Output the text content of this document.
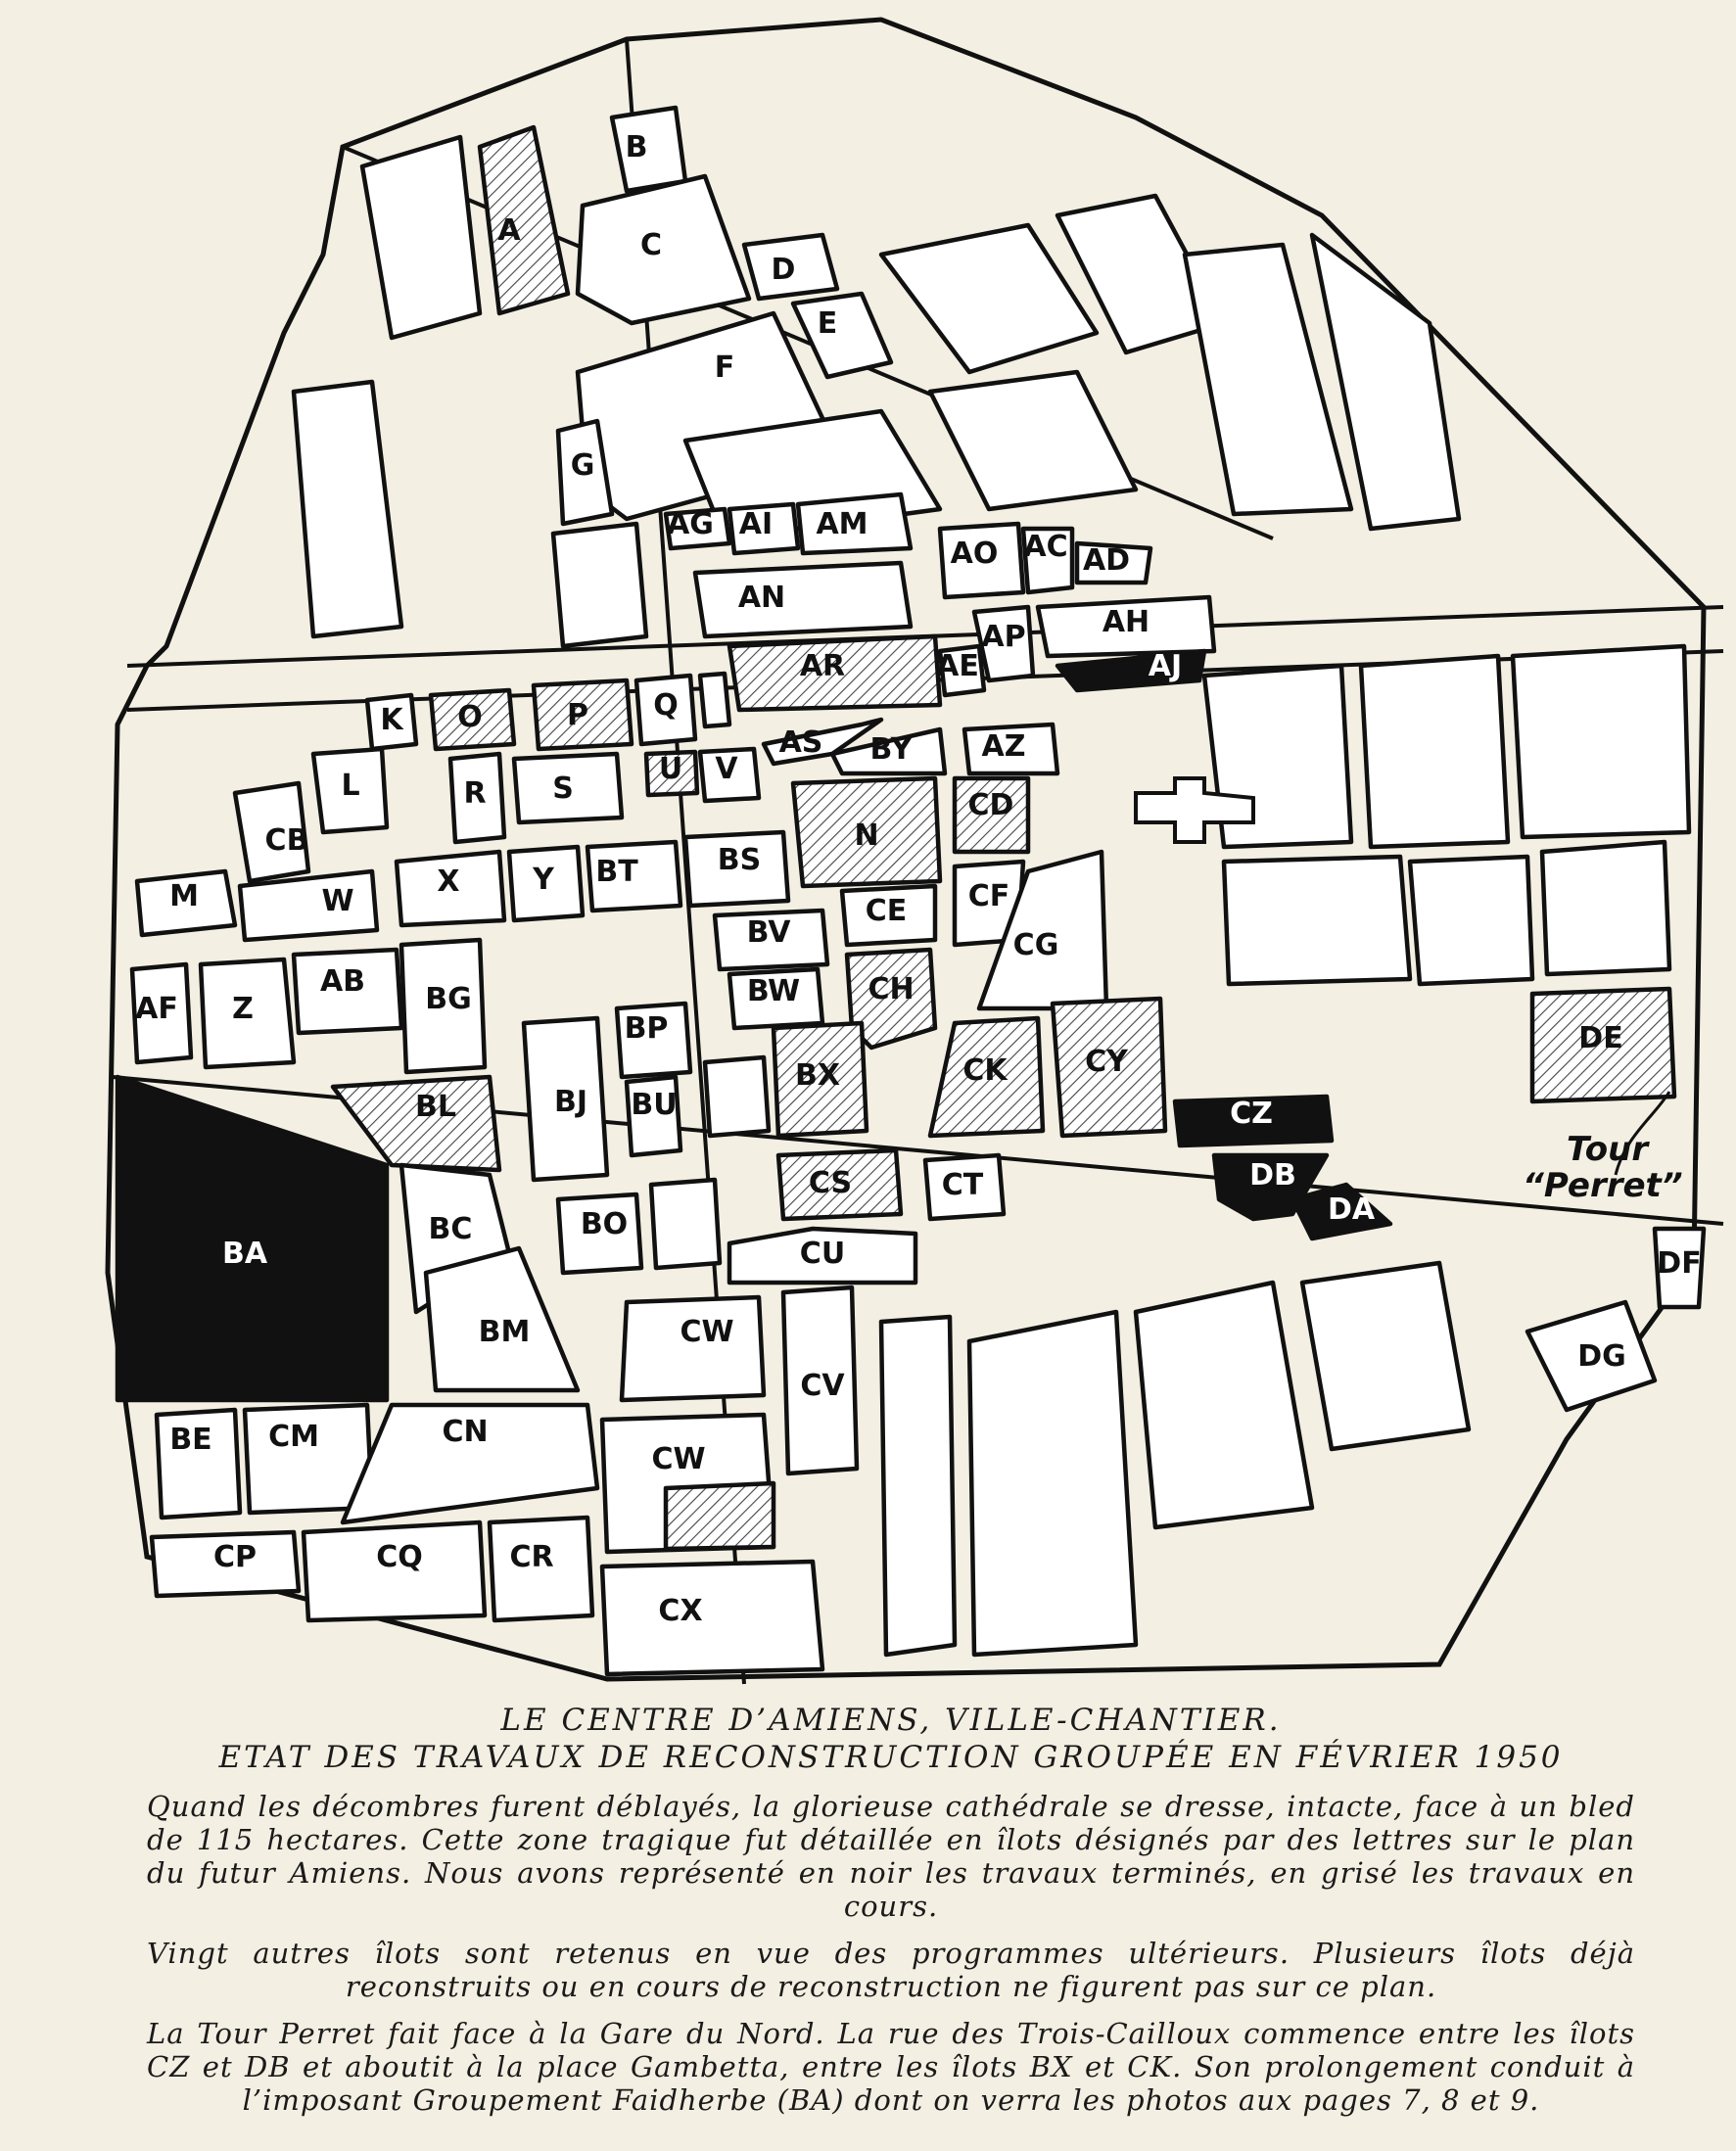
A
B
C
D
E
F
G
AG AI AM
AO AC AD
AN
AP	AH
AJ
AR	AE
K O	P Q
AS BY AZ
L	R S
U V
CD
N
CB
M	W
X Y BT	BS
CF
CE
BV	CG
AF Z
AB
BG	BW CH
BP
BX	CK	CY
DE
BL	BJ BU	CZ
CS	CT	DB
DA
BA
BC	BO
CU	DF
BM	CW
CV
DG
BE CM	CN
CW
CP	CQ	CR
CX
Tour
“Perret”

LE CENTRE D’AMIENS, VILLE-CHANTIER.

ETAT DES TRAVAUX DE RECONSTRUCTION GROUPÉE EN FÉVRIER 1950

Quand les décombres furent déblayés, la glorieuse cathédrale se dresse, intacte, face à un bled de 115 hectares. Cette zone tragique fut détaillée en îlots désignés par des lettres sur le plan du futur Amiens. Nous avons représenté en noir les travaux terminés, en grisé les travaux en cours.

Vingt autres îlots sont retenus en vue des programmes ultérieurs. Plusieurs îlots déjà reconstruits ou en cours de reconstruction ne figurent pas sur ce plan.

La Tour Perret fait face à la Gare du Nord. La rue des Trois-Cailloux commence entre les îlots CZ et DB et aboutit à la place Gambetta, entre les îlots BX et CK. Son prolongement conduit à l’imposant Groupement Faidherbe (BA) dont on verra les photos aux pages 7, 8 et 9.
